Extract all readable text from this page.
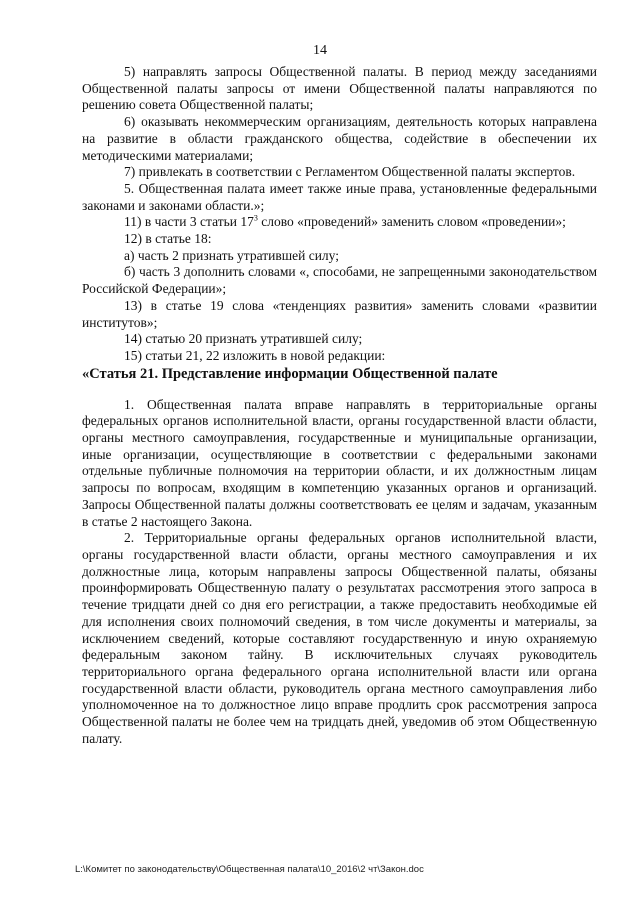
14

5) направлять запросы Общественной палаты. В период между заседаниями Общественной палаты запросы от имени Общественной палаты направляются по решению совета Общественной палаты;

6) оказывать некоммерческим организациям, деятельность которых направлена на развитие в области гражданского общества, содействие в обеспечении их методическими материалами;

7) привлекать в соответствии с Регламентом Общественной палаты экспертов.

5. Общественная палата имеет также иные права, установленные федеральными законами и законами области.»;

11) в части 3 статьи $17^3$ слово «проведений» заменить словом «проведении»;

12) в статье 18:

а) часть 2 признать утратившей силу;

б) часть 3 дополнить словами «, способами, не запрещенными законодательством Российской Федерации»;

13) в статье 19 слова «тенденциях развития» заменить словами «развитии институтов»;

14) статью 20 признать утратившей силу;

15) статьи 21, 22 изложить в новой редакции:

«Статья 21. Представление информации Общественной палате

1. Общественная палата вправе направлять в территориальные органы федеральных органов исполнительной власти, органы государственной власти области, органы местного самоуправления, государственные и муниципальные организации, иные организации, осуществляющие в соответствии с федеральными законами отдельные публичные полномочия на территории области, и их должностным лицам запросы по вопросам, входящим в компетенцию указанных органов и организаций. Запросы Общественной палаты должны соответствовать ее целям и задачам, указанным в статье 2 настоящего Закона.

2. Территориальные органы федеральных органов исполнительной власти, органы государственной власти области, органы местного самоуправления и их должностные лица, которым направлены запросы Общественной палаты, обязаны проинформировать Общественную палату о результатах рассмотрения этого запроса в течение тридцати дней со дня его регистрации, а также предоставить необходимые ей для исполнения своих полномочий сведения, в том числе документы и материалы, за исключением сведений, которые составляют государственную и иную охраняемую федеральным законом тайну. В исключительных случаях руководитель территориального органа федерального органа исполнительной власти или органа государственной власти области, руководитель органа местного самоуправления либо уполномоченное на то должностное лицо вправе продлить срок рассмотрения запроса Общественной палаты не более чем на тридцать дней, уведомив об этом Общественную палату.

L:\Комитет по законодательству\Общественная палата\10_2016\2 чт\Закон.doc
